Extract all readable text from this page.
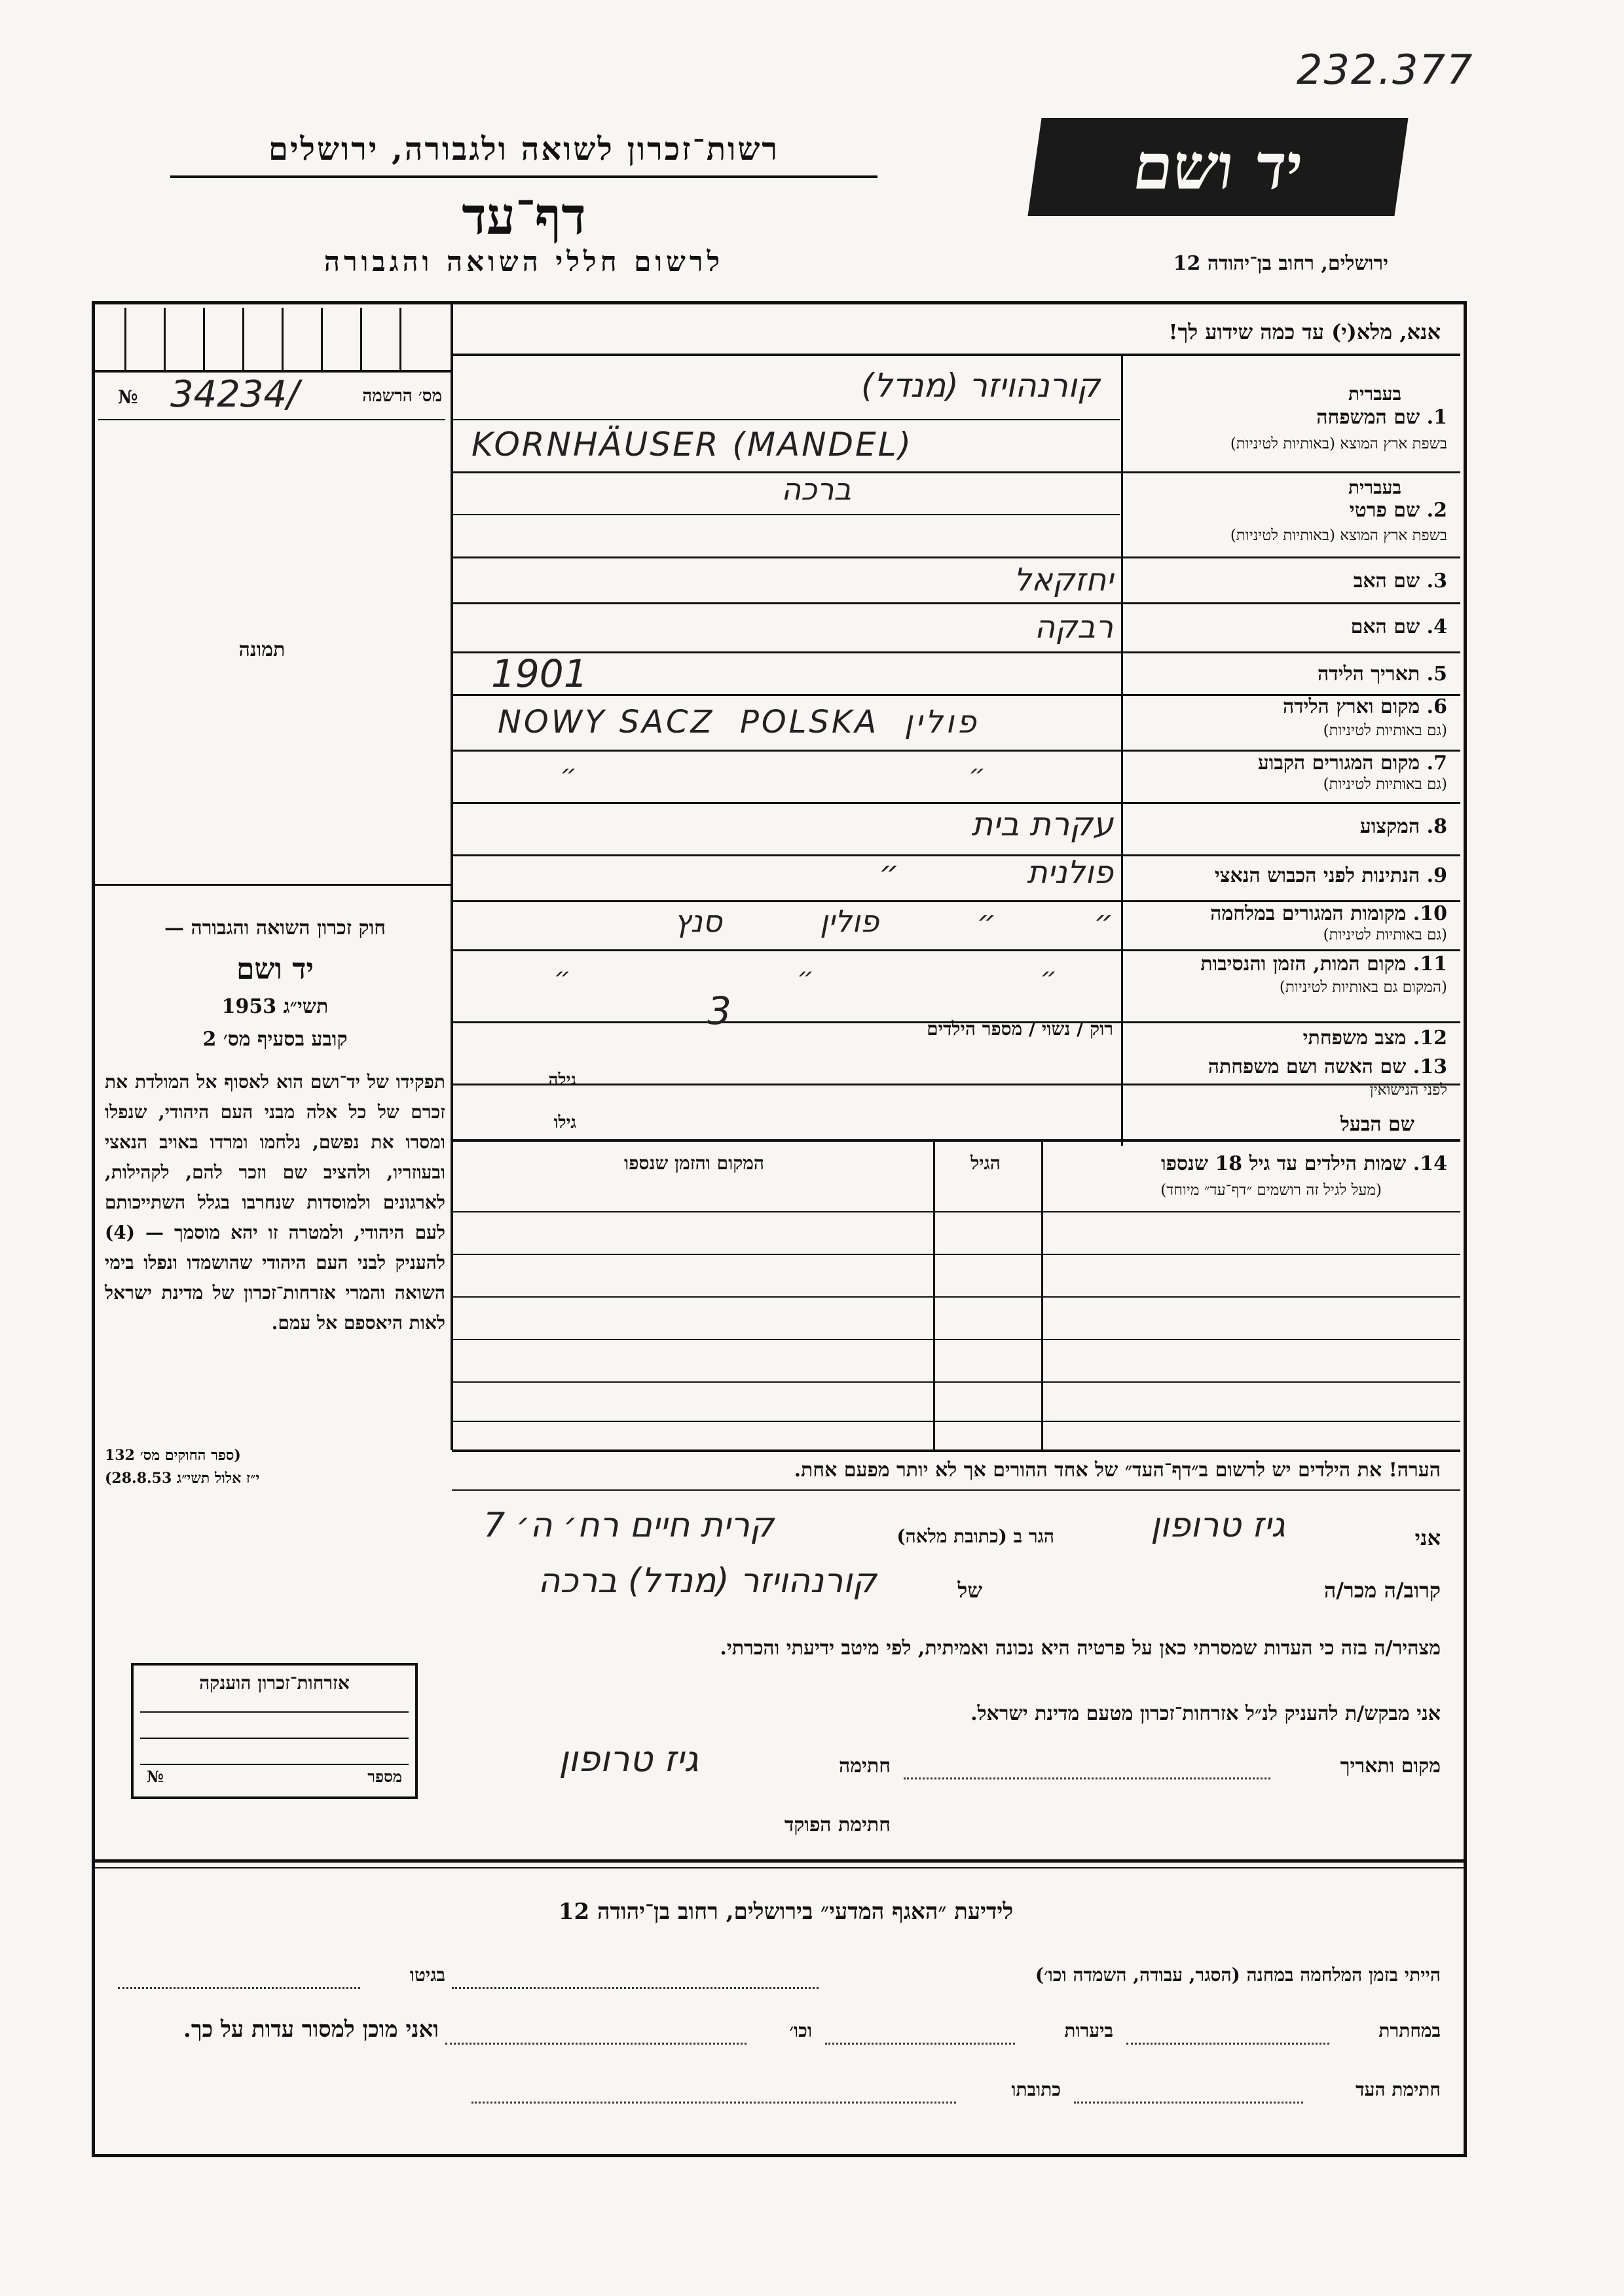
232.377
רשות־זכרון לשואה ולגבורה, ירושלים
דף־עד
לרשום חללי השואה והגבורה
יד ושם
ירושלים, רחוב בן־יהודה 12
אנא, מלא(י) עד כמה שידוע לך!
№ 34234/	מס׳ הרשמה
תמונה
חוק זכרון השואה והגבורה —
יד ושם
תשי״ג 1953
קובע בסעיף מס׳ 2
תפקידו של יד־ושם הוא לאסוף אל המולדת את זכרם של כל אלה מבני העם היהודי, שנפלו ומסרו את נפשם, נלחמו ומרדו באויב הנאצי ובעוזריו, ולהציב שם וזכר להם, לקהילות, לארגונים ולמוסדות שנחרבו בגלל השתייכותם לעם היהודי, ולמטרה זו יהא מוסמך — (4) להעניק לבני העם היהודי שהושמדו ונפלו בימי השואה והמרי אזרחות־זכרון של מדינת ישראל לאות היאספם אל עמם.
(ספר החוקים מס׳ 132
י״ז אלול תשי״ג 28.8.53)
בעברית
1. שם המשפחה
בשפת ארץ המוצא (באותיות לטיניות)
קורנהויזר (מנדל)
KORNHÄUSER (MANDEL)
בעברית
2. שם פרטי
בשפת ארץ המוצא (באותיות לטיניות)
ברכה
3. שם האב
יחזקאל
4. שם האם
רבקה
5. תאריך הלידה
1901
6. מקום וארץ הלידה
(גם באותיות לטיניות)
NOWY SACZ  POLSKA  פולין
7. מקום המגורים הקבוע
(גם באותיות לטיניות)
״   ״
8. המקצוע
עקרת בית
9. הנתינות לפני הכבוש הנאצי
פולנית ״
10. מקומות המגורים במלחמה
(גם באותיות לטיניות)
״  ״  פולין  סנץ
11. מקום המות, הזמן והנסיבות
(המקום גם באותיות לטיניות)
״  ״  ״
12. מצב משפחתי
רוק / נשוי / מספר הילדים
3
13. שם האשה ושם משפחתה
לפני הנישואין
גילה
שם הבעל
גילו
14. שמות הילדים עד גיל 18 שנספו
(מעל לגיל זה רושמים ״דף־עד״ מיוחד)
הגיל
המקום והזמן שנספו
הערה! את הילדים יש לרשום ב״דף־העד״ של אחד ההורים אך לא יותר מפעם אחת.
אני
גיז טרופון
הגר ב (כתובת מלאה)
קרית חיים רח׳ ה׳ 7
קרוב/ה מכר/ה
של
קורנהויזר (מנדל) ברכה
מצהיר/ה בזה כי העדות שמסרתי כאן על פרטיה היא נכונה ואמיתית, לפי מיטב ידיעתי והכרתי.
אני מבקש/ת להעניק לנ״ל אזרחות־זכרון מטעם מדינת ישראל.
מקום ותאריך
חתימה
גיז טרופון
חתימת הפוקד
אזרחות־זכרון הוענקה
№	מספר
לידיעת ״האגף המדעי״ בירושלים, רחוב בן־יהודה 12
הייתי בזמן המלחמה במחנה (הסגר, עבודה, השמדה וכו׳)
בגיטו
במחתרת
ביערות
וכו׳
ואני מוכן למסור עדות על כך.
חתימת העד
כתובתו
